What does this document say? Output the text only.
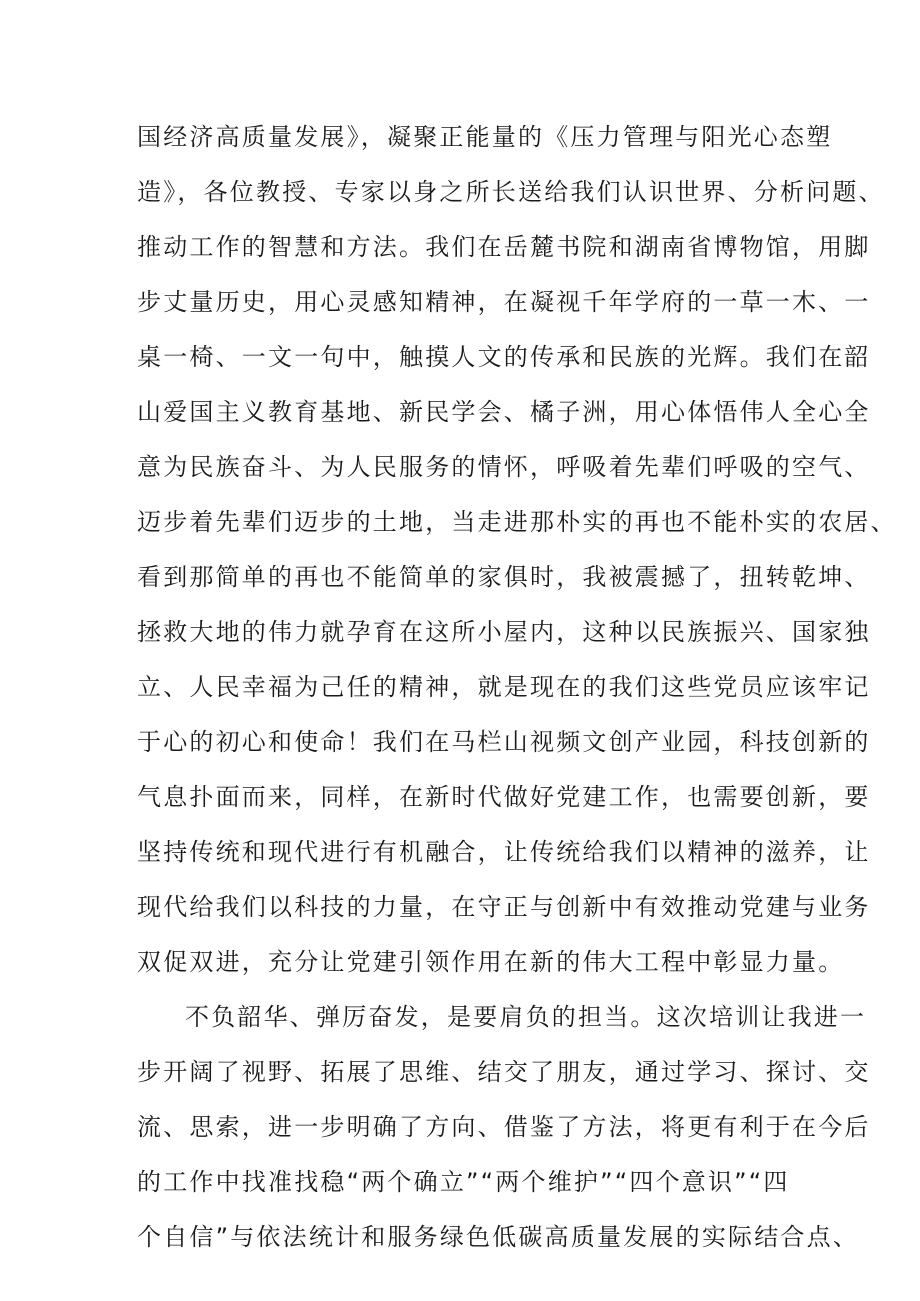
国经济高质量发展》，凝聚正能量的《压力管理与阳光心态塑
造》，各位教授、专家以身之所长送给我们认识世界、分析问题、
推动工作的智慧和方法。我们在岳麓书院和湖南省博物馆，用脚
步丈量历史，用心灵感知精神，在凝视千年学府的一草一木、一
桌一椅、一文一句中，触摸人文的传承和民族的光辉。我们在韶
山爱国主义教育基地、新民学会、橘子洲，用心体悟伟人全心全
意为民族奋斗、为人民服务的情怀，呼吸着先辈们呼吸的空气、
迈步着先辈们迈步的土地，当走进那朴实的再也不能朴实的农居、
看到那简单的再也不能简单的家俱时，我被震撼了，扭转乾坤、
拯救大地的伟力就孕育在这所小屋内，这种以民族振兴、国家独
立、人民幸福为己任的精神，就是现在的我们这些党员应该牢记
于心的初心和使命！我们在马栏山视频文创产业园，科技创新的
气息扑面而来，同样，在新时代做好党建工作，也需要创新，要
坚持传统和现代进行有机融合，让传统给我们以精神的滋养，让
现代给我们以科技的力量，在守正与创新中有效推动党建与业务
双促双进，充分让党建引领作用在新的伟大工程中彰显力量。
不负韶华、弹厉奋发，是要肩负的担当。这次培训让我进一
步开阔了视野、拓展了思维、结交了朋友，通过学习、探讨、交
流、思索，进一步明确了方向、借鉴了方法，将更有利于在今后
的工作中找准找稳“两个确立”“两个维护”“四个意识”“四
个自信”与依法统计和服务绿色低碳高质量发展的实际结合点、
